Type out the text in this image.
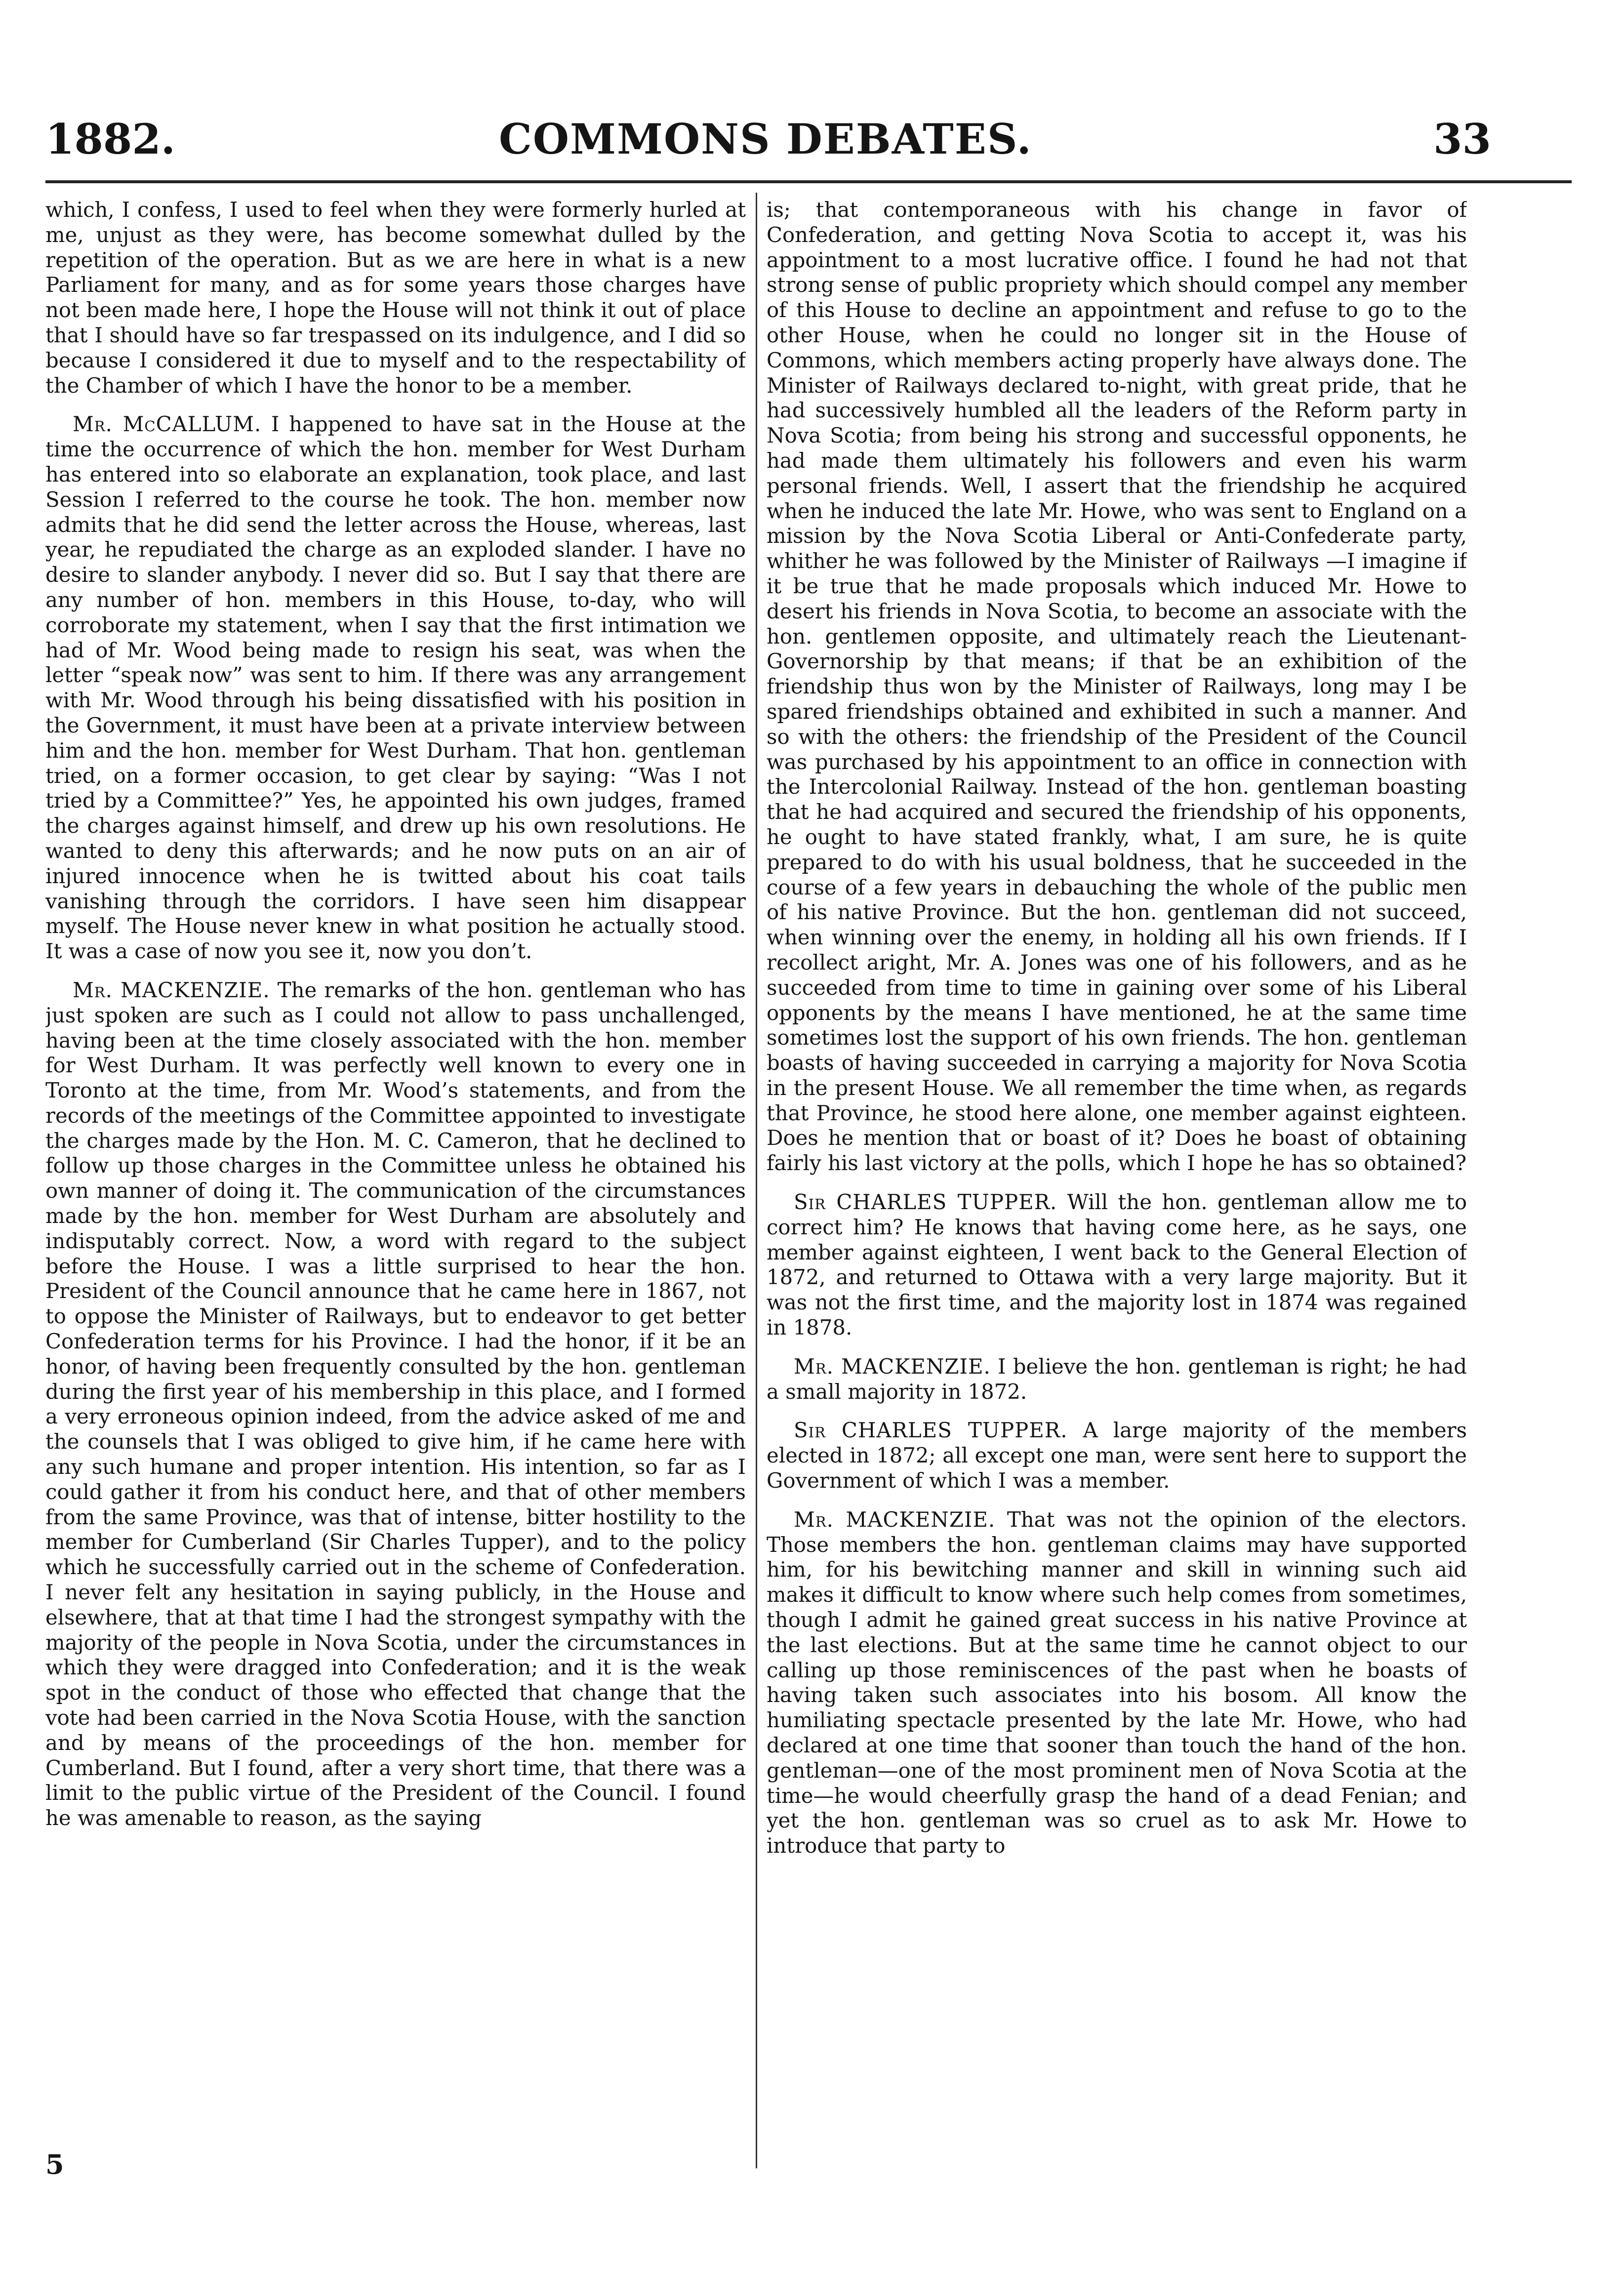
1882.	COMMONS DEBATES.	33

which, I confess, I used to feel when they were formerly hurled at me, unjust as they were, has become somewhat dulled by the repetition of the operation. But as we are here in what is a new Parliament for many, and as for some years those charges have not been made here, I hope the House will not think it out of place that I should have so far trespassed on its indulgence, and I did so because I considered it due to myself and to the respectability of the Chamber of which I have the honor to be a member.

Mr. McCALLUM. I happened to have sat in the House at the time the occurrence of which the hon. member for West Durham has entered into so elaborate an explanation, took place, and last Session I referred to the course he took. The hon. member now admits that he did send the letter across the House, whereas, last year, he repudiated the charge as an exploded slander. I have no desire to slander anybody. I never did so. But I say that there are any number of hon. members in this House, to-day, who will corroborate my statement, when I say that the first intimation we had of Mr. Wood being made to resign his seat, was when the letter “speak now” was sent to him. If there was any arrangement with Mr. Wood through his being dissatisfied with his position in the Government, it must have been at a private interview between him and the hon. member for West Durham. That hon. gentleman tried, on a former occasion, to get clear by saying: “Was I not tried by a Committee?” Yes, he appointed his own judges, framed the charges against himself, and drew up his own resolutions. He wanted to deny this afterwards; and he now puts on an air of injured innocence when he is twitted about his coat tails vanishing through the corridors. I have seen him disappear myself. The House never knew in what position he actually stood. It was a case of now you see it, now you don’t.

Mr. MACKENZIE. The remarks of the hon. gentleman who has just spoken are such as I could not allow to pass unchallenged, having been at the time closely associated with the hon. member for West Durham. It was perfectly well known to every one in Toronto at the time, from Mr. Wood’s statements, and from the records of the meetings of the Committee appointed to investigate the charges made by the Hon. M. C. Cameron, that he declined to follow up those charges in the Committee unless he obtained his own manner of doing it. The communication of the circumstances made by the hon. member for West Durham are absolutely and indisputably correct. Now, a word with regard to the subject before the House. I was a little surprised to hear the hon. President of the Council announce that he came here in 1867, not to oppose the Minister of Railways, but to endeavor to get better Confederation terms for his Province. I had the honor, if it be an honor, of having been frequently consulted by the hon. gentleman during the first year of his membership in this place, and I formed a very erroneous opinion indeed, from the advice asked of me and the counsels that I was obliged to give him, if he came here with any such humane and proper intention. His intention, so far as I could gather it from his conduct here, and that of other members from the same Province, was that of intense, bitter hostility to the member for Cumberland (Sir Charles Tupper), and to the policy which he successfully carried out in the scheme of Confederation. I never felt any hesitation in saying publicly, in the House and elsewhere, that at that time I had the strongest sympathy with the majority of the people in Nova Scotia, under the circumstances in which they were dragged into Confederation; and it is the weak spot in the conduct of those who effected that change that the vote had been carried in the Nova Scotia House, with the sanction and by means of the proceedings of the hon. member for Cumberland. But I found, after a very short time, that there was a limit to the public virtue of the President of the Council. I found he was amenable to reason, as the saying

is; that contemporaneous with his change in favor of Confederation, and getting Nova Scotia to accept it, was his appointment to a most lucrative office. I found he had not that strong sense of public propriety which should compel any member of this House to decline an appointment and refuse to go to the other House, when he could no longer sit in the House of Commons, which members acting properly have always done. The Minister of Railways declared to-night, with great pride, that he had successively humbled all the leaders of the Reform party in Nova Scotia; from being his strong and successful opponents, he had made them ultimately his followers and even his warm personal friends. Well, I assert that the friendship he acquired when he induced the late Mr. Howe, who was sent to England on a mission by the Nova Scotia Liberal or Anti-Confederate party, whither he was followed by the Minister of Railways —I imagine if it be true that he made proposals which induced Mr. Howe to desert his friends in Nova Scotia, to become an associate with the hon. gentlemen opposite, and ultimately reach the Lieutenant-Governorship by that means; if that be an exhibition of the friendship thus won by the Minister of Railways, long may I be spared friendships obtained and exhibited in such a manner. And so with the others: the friendship of the President of the Council was purchased by his appointment to an office in connection with the Intercolonial Railway. Instead of the hon. gentleman boasting that he had acquired and secured the friendship of his opponents, he ought to have stated frankly, what, I am sure, he is quite prepared to do with his usual boldness, that he succeeded in the course of a few years in debauching the whole of the public men of his native Province. But the hon. gentleman did not succeed, when winning over the enemy, in holding all his own friends. If I recollect aright, Mr. A. Jones was one of his followers, and as he succeeded from time to time in gaining over some of his Liberal opponents by the means I have mentioned, he at the same time sometimes lost the support of his own friends. The hon. gentleman boasts of having succeeded in carrying a majority for Nova Scotia in the present House. We all remember the time when, as regards that Province, he stood here alone, one member against eighteen. Does he mention that or boast of it? Does he boast of obtaining fairly his last victory at the polls, which I hope he has so obtained?

Sir CHARLES TUPPER. Will the hon. gentleman allow me to correct him? He knows that having come here, as he says, one member against eighteen, I went back to the General Election of 1872, and returned to Ottawa with a very large majority. But it was not the first time, and the majority lost in 1874 was regained in 1878.

Mr. MACKENZIE. I believe the hon. gentleman is right; he had a small majority in 1872.

Sir CHARLES TUPPER. A large majority of the members elected in 1872; all except one man, were sent here to support the Government of which I was a member.

Mr. MACKENZIE. That was not the opinion of the electors. Those members the hon. gentleman claims may have supported him, for his bewitching manner and skill in winning such aid makes it difficult to know where such help comes from sometimes, though I admit he gained great success in his native Province at the last elections. But at the same time he cannot object to our calling up those reminiscences of the past when he boasts of having taken such associates into his bosom. All know the humiliating spectacle presented by the late Mr. Howe, who had declared at one time that sooner than touch the hand of the hon. gentleman—one of the most prominent men of Nova Scotia at the time—he would cheerfully grasp the hand of a dead Fenian; and yet the hon. gentleman was so cruel as to ask Mr. Howe to introduce that party to

5
